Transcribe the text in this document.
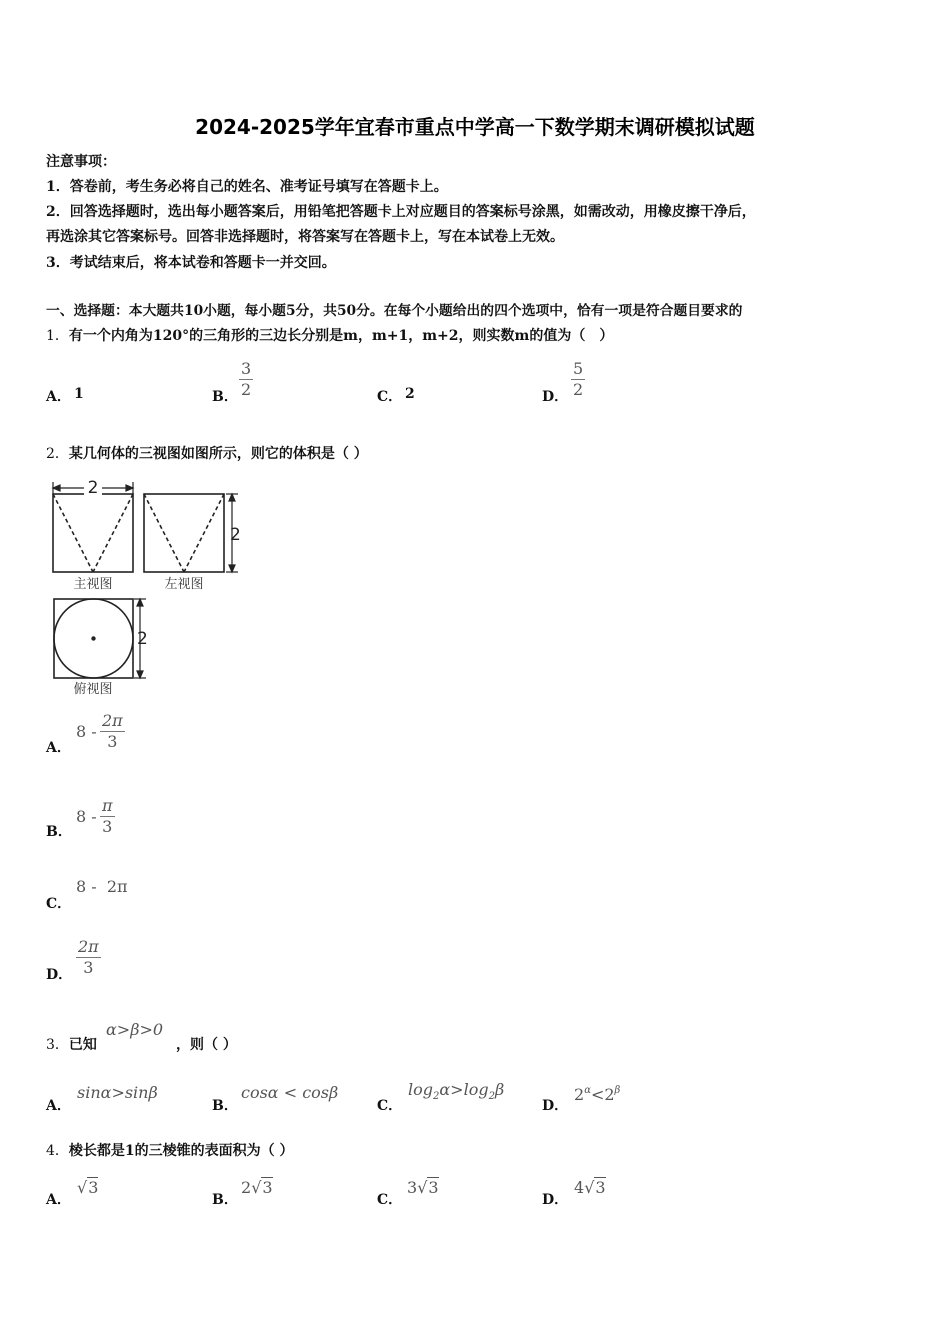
2024-2025学年宜春市重点中学高一下数学期末调研模拟试题
注意事项：
1．答卷前，考生务必将自己的姓名、准考证号填写在答题卡上。
2．回答选择题时，选出每小题答案后，用铅笔把答题卡上对应题目的答案标号涂黑，如需改动，用橡皮擦干净后，
再选涂其它答案标号。回答非选择题时，将答案写在答题卡上，写在本试卷上无效。
3．考试结束后，将本试卷和答题卡一并交回。
一、选择题：本大题共10小题，每小题5分，共50分。在每个小题给出的四个选项中，恰有一项是符合题目要求的
1．有一个内角为120°的三角形的三边长分别是m，m+1，m+2，则实数m的值为（　）
A． 1	B．
3
2	C． 2	D．
5
2
2．某几何体的三视图如图所示，则它的体积是（ ）
2
主视图
2
左视图
2
俯视图
A．
8 -
2π
3
B．
8 -
π
3
C．
8 -  2π
D．
2π
3
3．已知
α>β>0
，则（ ）
A．
sinα>sinβ
B．
cosα < cosβ
C．
$\log_2\alpha>\log_2\beta$
D．
$2^\alpha<2^\beta$
4．棱长都是1的三棱锥的表面积为（ ）
A．
√3
B．
2√3
C．
3√3
D．
4√3
